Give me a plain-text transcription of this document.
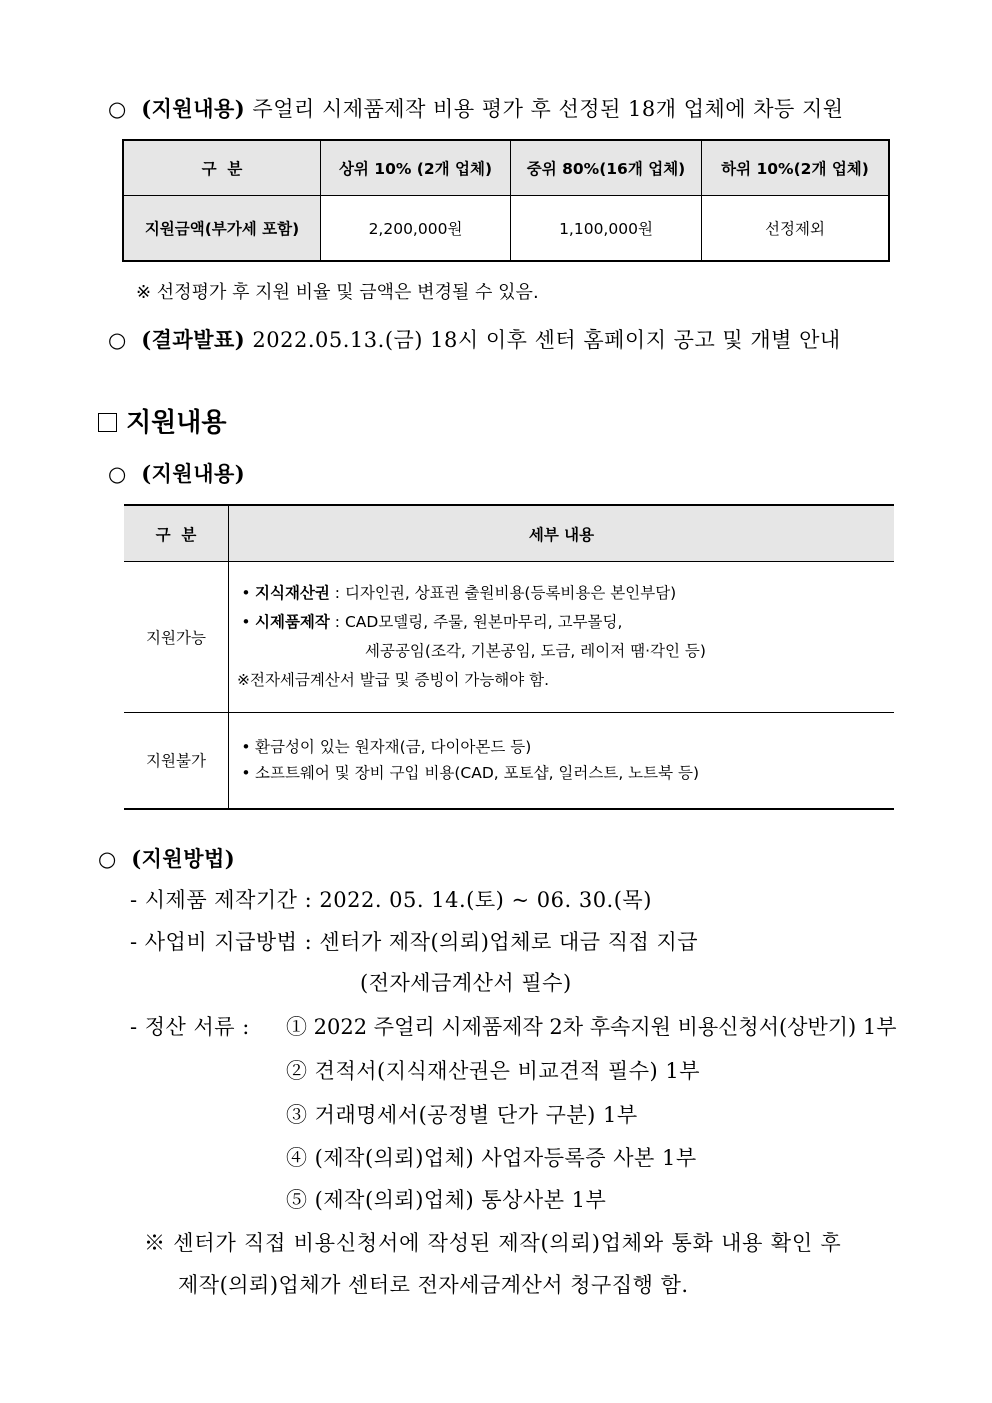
○ (지원내용) 주얼리 시제품제작 비용 평가 후 선정된 18개 업체에 차등 지원
구  분	상위 10% (2개 업체)	중위 80%(16개 업체)	하위 10%(2개 업체)
지원금액(부가세 포함)	2,200,000원	1,100,000원	선정제외
※ 선정평가 후 지원 비율 및 금액은 변경될 수 있음.
○ (결과발표) 2022.05.13.(금) 18시 이후 센터 홈페이지 공고 및 개별 안내
지원내용
○ (지원내용)
구  분	세부 내용
지원가능	• 지식재산권 : 디자인권, 상표권 출원비용(등록비용은 본인부담)
• 시제품제작 : CAD모델링, 주물, 원본마무리, 고무몰딩,
세공공임(조각, 기본공임, 도금, 레이저 땜·각인 등)
※전자세금계산서 발급 및 증빙이 가능해야 함.

지원불가	• 환금성이 있는 원자재(금, 다이아몬드 등)
• 소프트웨어 및 장비 구입 비용(CAD, 포토샵, 일러스트, 노트북 등)
○ (지원방법)
- 시제품 제작기간 : 2022. 05. 14.(토) ~ 06. 30.(목)
- 사업비 지급방법 : 센터가 제작(의뢰)업체로 대금 직접 지급
(전자세금계산서 필수)
- 정산 서류 : ① 2022 주얼리 시제품제작 2차 후속지원 비용신청서(상반기) 1부
② 견적서(지식재산권은 비교견적 필수) 1부
③ 거래명세서(공정별 단가 구분) 1부
④ (제작(의뢰)업체) 사업자등록증 사본 1부
⑤ (제작(의뢰)업체) 통상사본 1부
※ 센터가 직접 비용신청서에 작성된 제작(의뢰)업체와 통화 내용 확인 후
제작(의뢰)업체가 센터로 전자세금계산서 청구집행 함.
